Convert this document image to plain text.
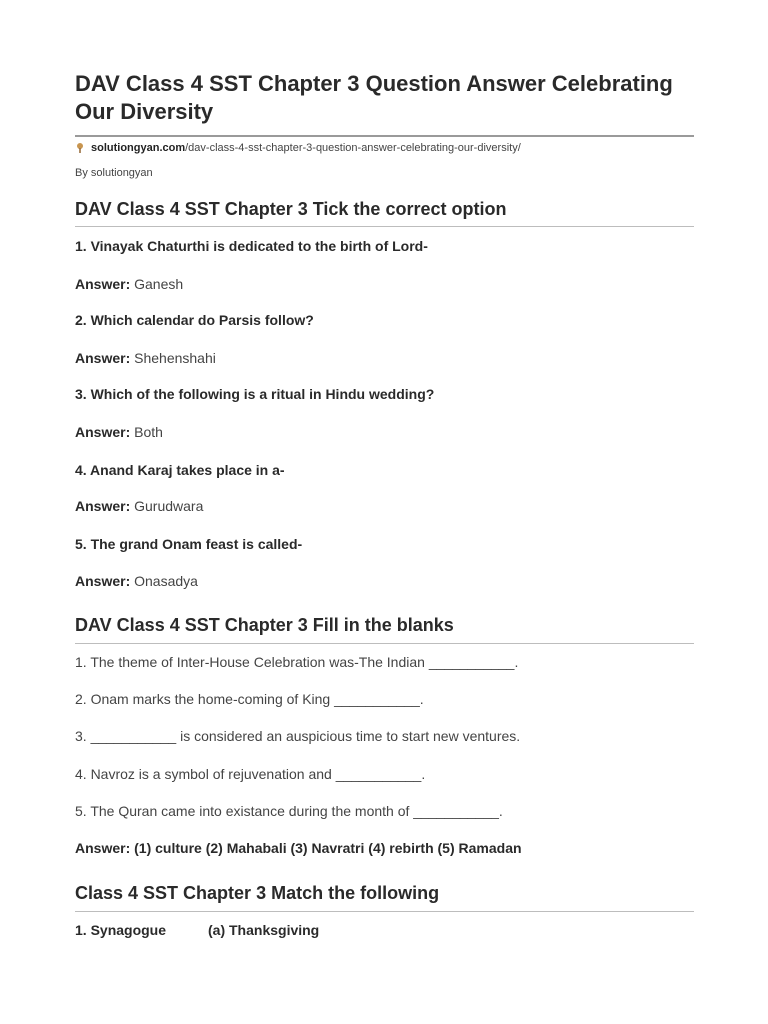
DAV Class 4 SST Chapter 3 Question Answer Celebrating Our Diversity
solutiongyan.com /dav-class-4-sst-chapter-3-question-answer-celebrating-our-diversity/
By solutiongyan
DAV Class 4 SST Chapter 3 Tick the correct option
1. Vinayak Chaturthi is dedicated to the birth of Lord-
Answer: Ganesh
2. Which calendar do Parsis follow?
Answer: Shehenshahi
3. Which of the following is a ritual in Hindu wedding?
Answer: Both
4. Anand Karaj takes place in a-
Answer: Gurudwara
5. The grand Onam feast is called-
Answer: Onasadya
DAV Class 4 SST Chapter 3 Fill in the blanks
1. The theme of Inter-House Celebration was-The Indian ___________.
2. Onam marks the home-coming of King ___________.
3. ___________ is considered an auspicious time to start new ventures.
4. Navroz is a symbol of rejuvenation and ___________.
5. The Quran came into existance during the month of ___________.
Answer: (1) culture (2) Mahabali (3) Navratri (4) rebirth (5) Ramadan
Class 4 SST Chapter 3 Match the following
1. Synagogue	(a) Thanksgiving
